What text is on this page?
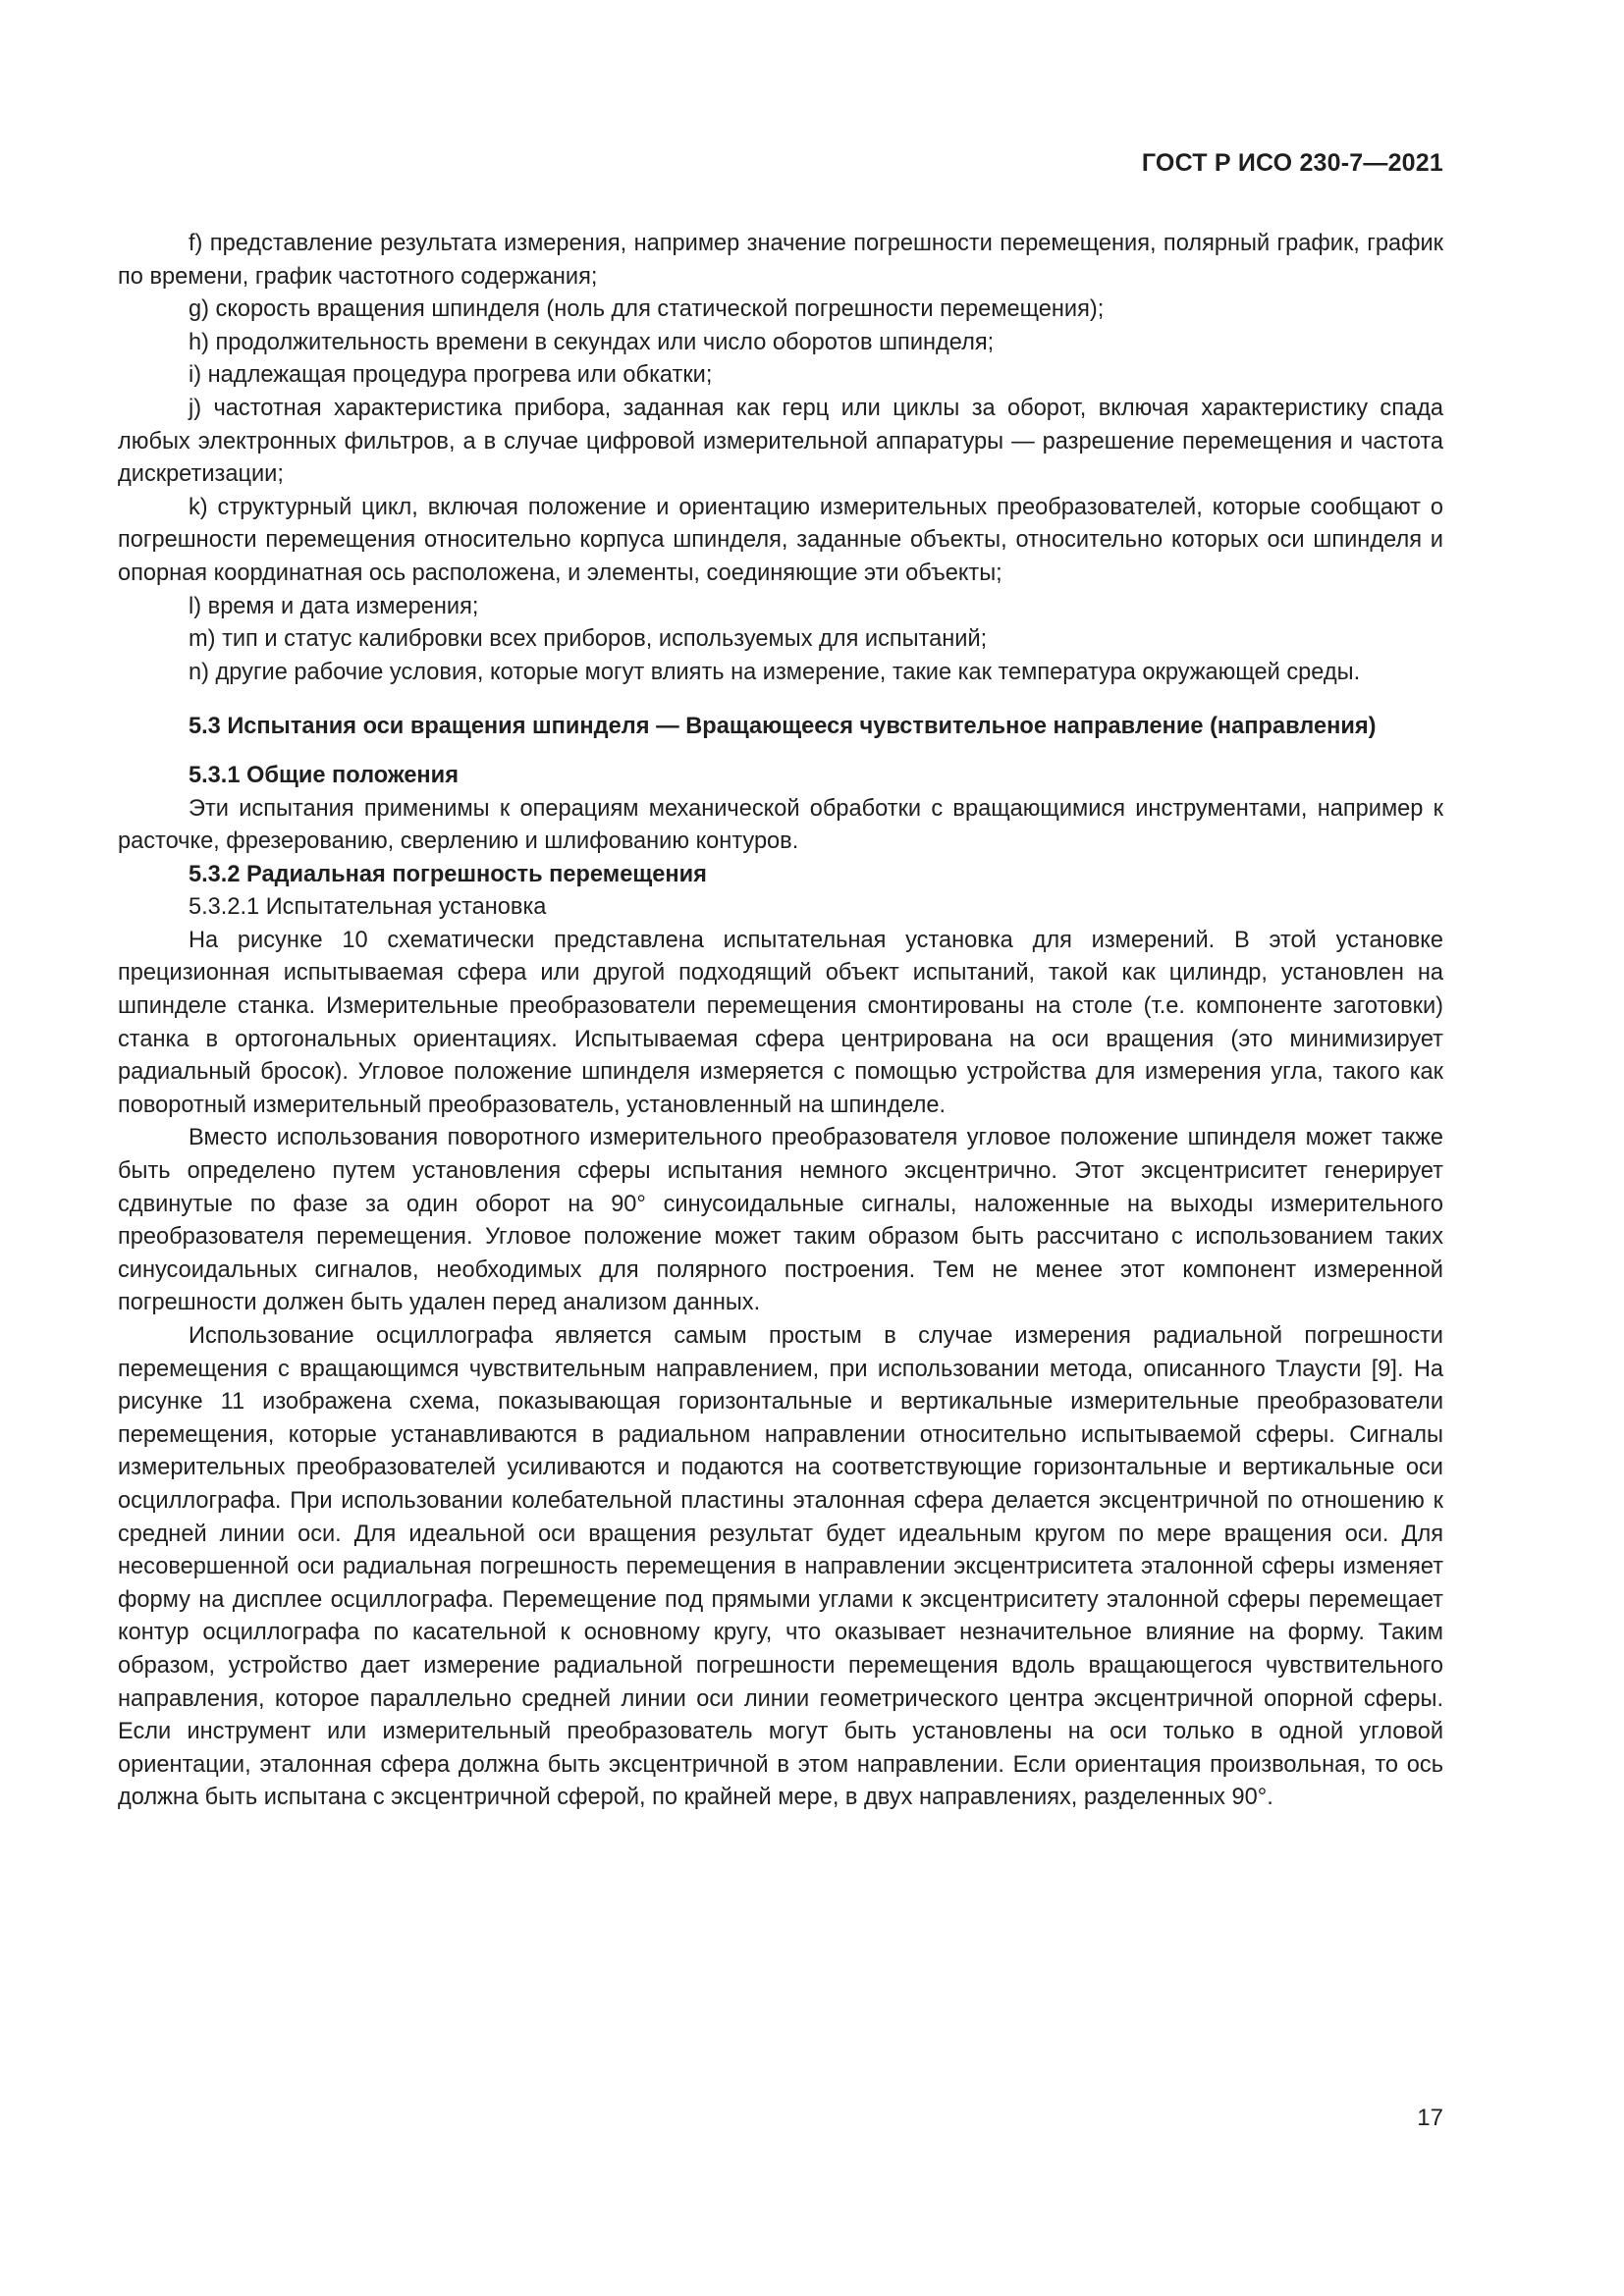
ГОСТ Р ИСО 230-7—2021

f) представление результата измерения, например значение погрешности перемещения, полярный график, график по времени, график частотного содержания;

g) скорость вращения шпинделя (ноль для статической погрешности перемещения);

h) продолжительность времени в секундах или число оборотов шпинделя;

i) надлежащая процедура прогрева или обкатки;

j) частотная характеристика прибора, заданная как герц или циклы за оборот, включая характеристику спада любых электронных фильтров, а в случае цифровой измерительной аппаратуры — разрешение перемещения и частота дискретизации;

k) структурный цикл, включая положение и ориентацию измерительных преобразователей, которые сообщают о погрешности перемещения относительно корпуса шпинделя, заданные объекты, относительно которых оси шпинделя и опорная координатная ось расположена, и элементы, соединяющие эти объекты;

l) время и дата измерения;

m) тип и статус калибровки всех приборов, используемых для испытаний;

n) другие рабочие условия, которые могут влиять на измерение, такие как температура окружающей среды.

5.3 Испытания оси вращения шпинделя — Вращающееся чувствительное направление (направления)
5.3.1 Общие положения

Эти испытания применимы к операциям механической обработки с вращающимися инструментами, например к расточке, фрезерованию, сверлению и шлифованию контуров.

5.3.2 Радиальная погрешность перемещения

5.3.2.1 Испытательная установка

На рисунке 10 схематически представлена испытательная установка для измерений. В этой установке прецизионная испытываемая сфера или другой подходящий объект испытаний, такой как цилиндр, установлен на шпинделе станка. Измерительные преобразователи перемещения смонтированы на столе (т.е. компоненте заготовки) станка в ортогональных ориентациях. Испытываемая сфера центрирована на оси вращения (это минимизирует радиальный бросок). Угловое положение шпинделя измеряется с помощью устройства для измерения угла, такого как поворотный измерительный преобразователь, установленный на шпинделе.

Вместо использования поворотного измерительного преобразователя угловое положение шпинделя может также быть определено путем установления сферы испытания немного эксцентрично. Этот эксцентриситет генерирует сдвинутые по фазе за один оборот на 90° синусоидальные сигналы, наложенные на выходы измерительного преобразователя перемещения. Угловое положение может таким образом быть рассчитано с использованием таких синусоидальных сигналов, необходимых для полярного построения. Тем не менее этот компонент измеренной погрешности должен быть удален перед анализом данных.

Использование осциллографа является самым простым в случае измерения радиальной погрешности перемещения с вращающимся чувствительным направлением, при использовании метода, описанного Тлаусти [9]. На рисунке 11 изображена схема, показывающая горизонтальные и вертикальные измерительные преобразователи перемещения, которые устанавливаются в радиальном направлении относительно испытываемой сферы. Сигналы измерительных преобразователей усиливаются и подаются на соответствующие горизонтальные и вертикальные оси осциллографа. При использовании колебательной пластины эталонная сфера делается эксцентричной по отношению к средней линии оси. Для идеальной оси вращения результат будет идеальным кругом по мере вращения оси. Для несовершенной оси радиальная погрешность перемещения в направлении эксцентриситета эталонной сферы изменяет форму на дисплее осциллографа. Перемещение под прямыми углами к эксцентриситету эталонной сферы перемещает контур осциллографа по касательной к основному кругу, что оказывает незначительное влияние на форму. Таким образом, устройство дает измерение радиальной погрешности перемещения вдоль вращающегося чувствительного направления, которое параллельно средней линии оси линии геометрического центра эксцентричной опорной сферы. Если инструмент или измерительный преобразователь могут быть установлены на оси только в одной угловой ориентации, эталонная сфера должна быть эксцентричной в этом направлении. Если ориентация произвольная, то ось должна быть испытана с эксцентричной сферой, по крайней мере, в двух направлениях, разделенных 90°.

17
